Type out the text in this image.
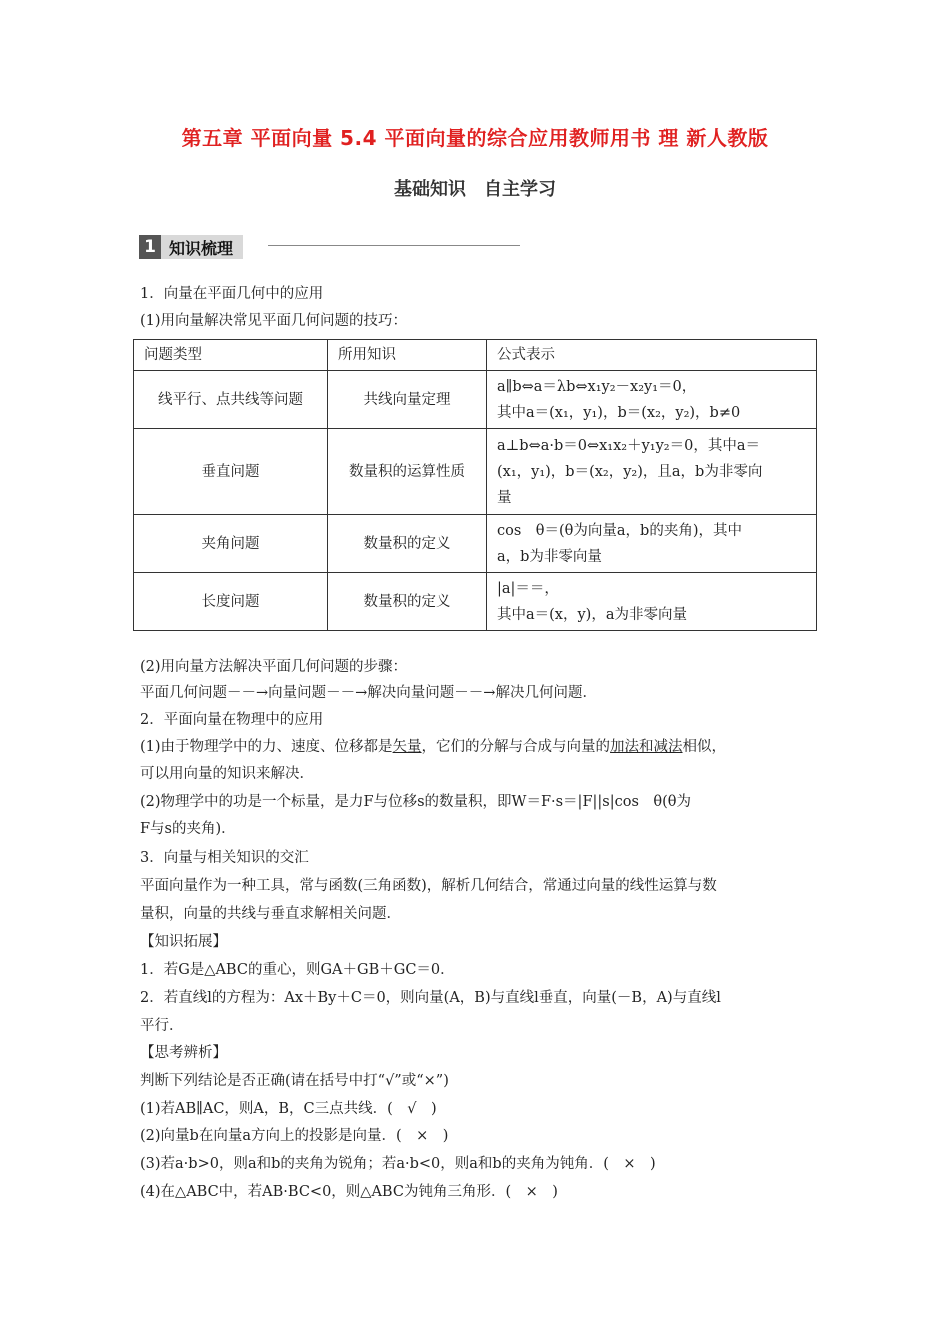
第五章 平面向量 5.4 平面向量的综合应用教师用书 理 新人教版
基础知识　自主学习
1 知识梳理
1．向量在平面几何中的应用
(1)用向量解决常见平面几何问题的技巧：
问题类型	所用知识	公式表示
线平行、点共线等问题	共线向量定理	a∥b⇔a＝λb⇔x₁y₂－x₂y₁＝0，
其中a＝(x₁，y₁)，b＝(x₂，y₂)，b≠0

垂直问题	数量积的运算性质	a⊥b⇔a·b＝0⇔x₁x₂＋y₁y₂＝0，其中a＝
(x₁，y₁)，b＝(x₂，y₂)，且a，b为非零向
量

夹角问题	数量积的定义	cos　θ＝(θ为向量a，b的夹角)，其中
a，b为非零向量

长度问题	数量积的定义	|a|＝＝，
其中a＝(x，y)，a为非零向量
(2)用向量方法解决平面几何问题的步骤：
平面几何问题－－→向量问题－－→解决向量问题－－→解决几何问题．
2．平面向量在物理中的应用
(1)由于物理学中的力、速度、位移都是矢量，它们的分解与合成与向量的加法和减法相似，
可以用向量的知识来解决．
(2)物理学中的功是一个标量，是力F与位移s的数量积，即W＝F·s＝|F||s|cos　θ(θ为
F与s的夹角)．
3．向量与相关知识的交汇
平面向量作为一种工具，常与函数(三角函数)，解析几何结合，常通过向量的线性运算与数
量积，向量的共线与垂直求解相关问题．
【知识拓展】
1．若G是△ABC的重心，则GA＋GB＋GC＝0．
2．若直线l的方程为：Ax＋By＋C＝0，则向量(A，B)与直线l垂直，向量(－B，A)与直线l
平行．
【思考辨析】
判断下列结论是否正确(请在括号中打“√”或“×”)
(1)若AB∥AC，则A，B，C三点共线．(　√　)
(2)向量b在向量a方向上的投影是向量．(　×　)
(3)若a·b>0，则a和b的夹角为锐角；若a·b<0，则a和b的夹角为钝角．(　×　)
(4)在△ABC中，若AB·BC<0，则△ABC为钝角三角形．(　×　)
